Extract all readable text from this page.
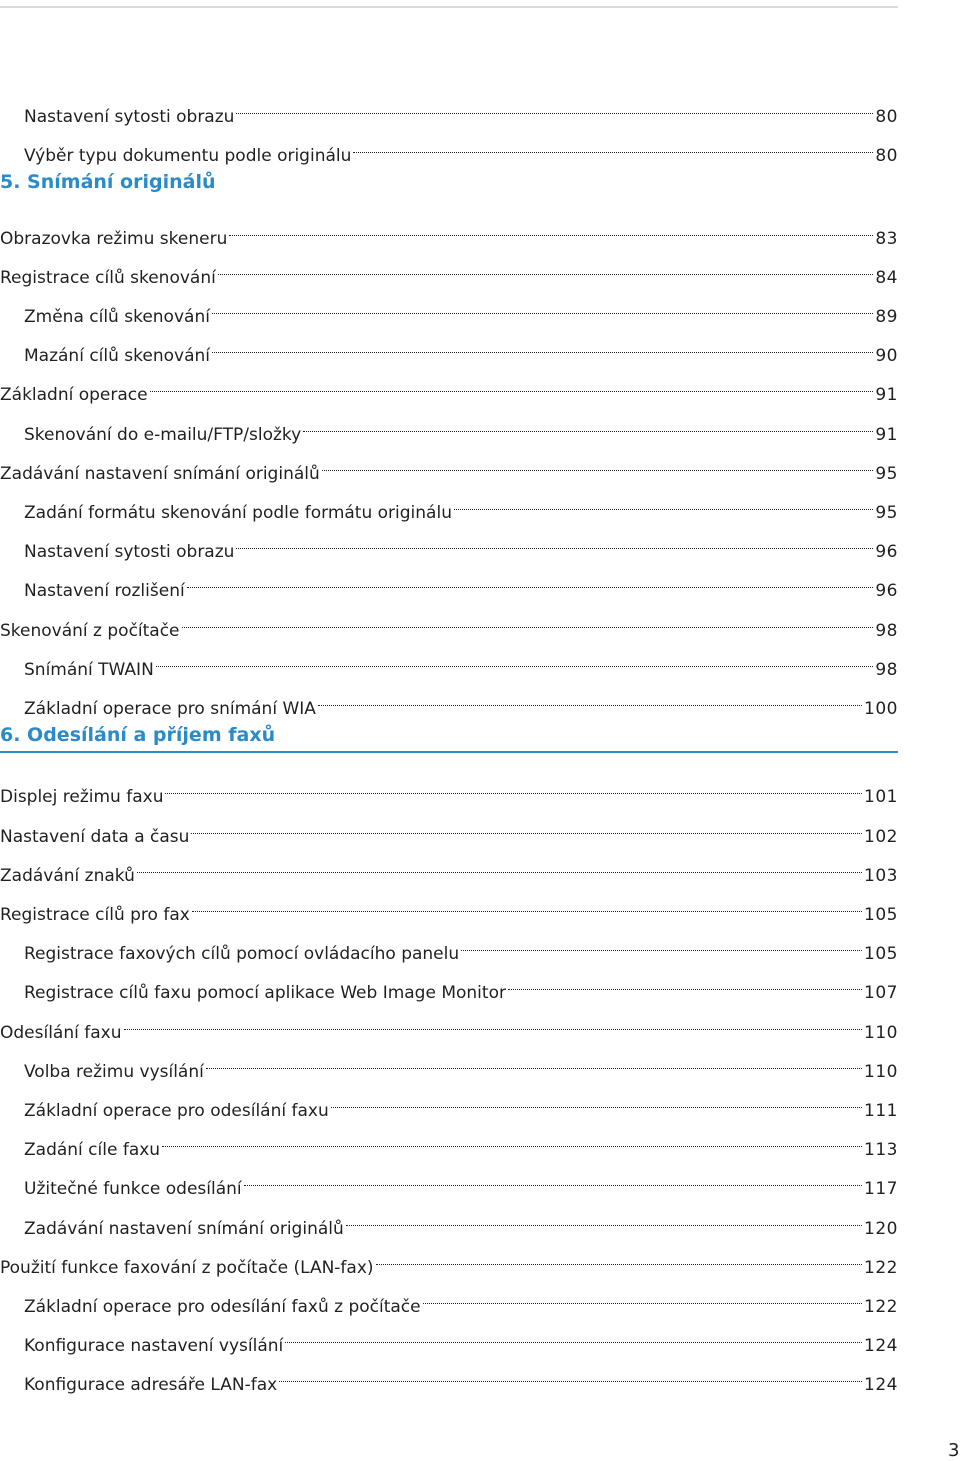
Nastavení sytosti obrazu	80
Výběr typu dokumentu podle originálu	80
5. Snímání originálů
Obrazovka režimu skeneru	83
Registrace cílů skenování	84
Změna cílů skenování	89
Mazání cílů skenování	90
Základní operace	91
Skenování do e-mailu/FTP/složky	91
Zadávání nastavení snímání originálů	95
Zadání formátu skenování podle formátu originálu	95
Nastavení sytosti obrazu	96
Nastavení rozlišení	96
Skenování z počítače	98
Snímání TWAIN	98
Základní operace pro snímání WIA	100
6. Odesílání a příjem faxů
Displej režimu faxu	101
Nastavení data a času	102
Zadávání znaků	103
Registrace cílů pro fax	105
Registrace faxových cílů pomocí ovládacího panelu	105
Registrace cílů faxu pomocí aplikace Web Image Monitor	107
Odesílání faxu	110
Volba režimu vysílání	110
Základní operace pro odesílání faxu	111
Zadání cíle faxu	113
Užitečné funkce odesílání	117
Zadávání nastavení snímání originálů	120
Použití funkce faxování z počítače (LAN-fax)	122
Základní operace pro odesílání faxů z počítače	122
Konfigurace nastavení vysílání	124
Konfigurace adresáře LAN-fax	124
3
